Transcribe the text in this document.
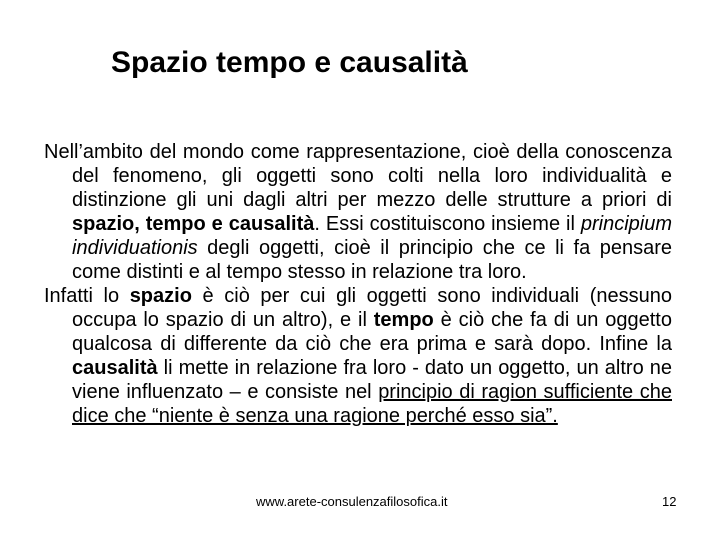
Spazio tempo e causalità

Nell’ambito del mondo come rappresentazione, cioè della conoscenza del fenomeno, gli oggetti sono colti nella loro individualità e distinzione gli uni dagli altri per mezzo delle strutture a priori di spazio, tempo e causalità. Essi costituiscono insieme il principium individuationis degli oggetti, cioè il principio che ce li fa pensare come distinti e al tempo stesso in relazione tra loro.

Infatti lo spazio è ciò per cui gli oggetti sono individuali (nessuno occupa lo spazio di un altro), e il tempo è ciò che fa di un oggetto qualcosa di differente da ciò che era prima e sarà dopo. Infine la causalità li mette in relazione fra loro - dato un oggetto, un altro ne viene influenzato – e consiste nel principio di ragion sufficiente che dice che “niente è senza una ragione perché esso sia”.

www.arete-consulenzafilosofica.it	12
